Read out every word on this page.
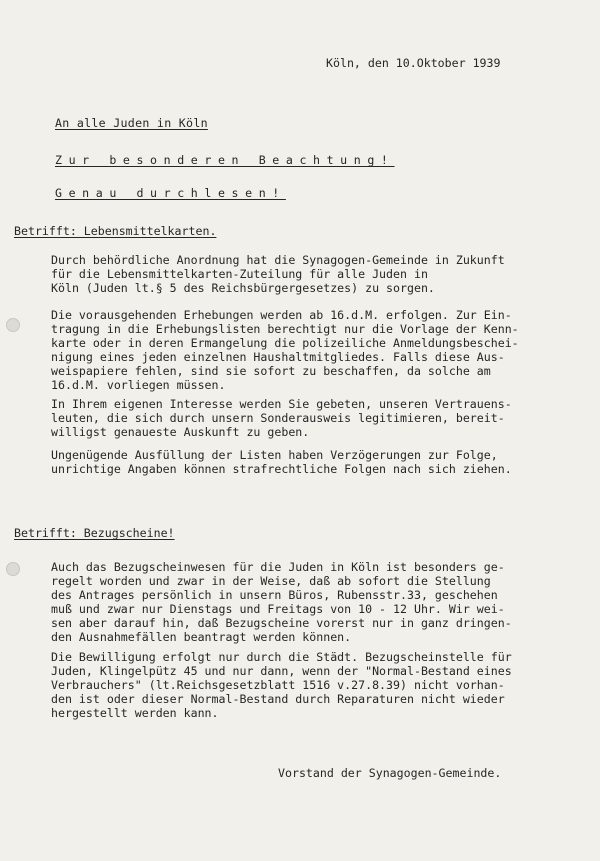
Köln, den 10.Oktober 1939
An alle Juden in Köln
Zur besonderen Beachtung!
Genau durchlesen!
Betrifft: Lebensmittelkarten.
Durch behördliche Anordnung hat die Synagogen-Gemeinde in Zukunft
für die Lebensmittelkarten-Zuteilung für alle Juden in
Köln (Juden lt.§ 5 des Reichsbürgergesetzes) zu sorgen.
Die vorausgehenden Erhebungen werden ab 16.d.M. erfolgen. Zur Ein-
tragung in die Erhebungslisten berechtigt nur die Vorlage der Kenn-
karte oder in deren Ermangelung die polizeiliche Anmeldungsbeschei-
nigung eines jeden einzelnen Haushaltmitgliedes. Falls diese Aus-
weispapiere fehlen, sind sie sofort zu beschaffen, da solche am
16.d.M. vorliegen müssen.
In Ihrem eigenen Interesse werden Sie gebeten, unseren Vertrauens-
leuten, die sich durch unsern Sonderausweis legitimieren, bereit-
willigst genaueste Auskunft zu geben.
Ungenügende Ausfüllung der Listen haben Verzögerungen zur Folge,
unrichtige Angaben können strafrechtliche Folgen nach sich ziehen.
Betrifft: Bezugscheine!
Auch das Bezugscheinwesen für die Juden in Köln ist besonders ge-
regelt worden und zwar in der Weise, daß ab sofort die Stellung
des Antrages persönlich in unsern Büros, Rubensstr.33, geschehen
muß und zwar nur Dienstags und Freitags von 10 - 12 Uhr. Wir wei-
sen aber darauf hin, daß Bezugscheine vorerst nur in ganz dringen-
den Ausnahmefällen beantragt werden können.
Die Bewilligung erfolgt nur durch die Städt. Bezugscheinstelle für
Juden, Klingelpütz 45 und nur dann, wenn der "Normal-Bestand eines
Verbrauchers" (lt.Reichsgesetzblatt 1516 v.27.8.39) nicht vorhan-
den ist oder dieser Normal-Bestand durch Reparaturen nicht wieder
hergestellt werden kann.
Vorstand der Synagogen-Gemeinde.
